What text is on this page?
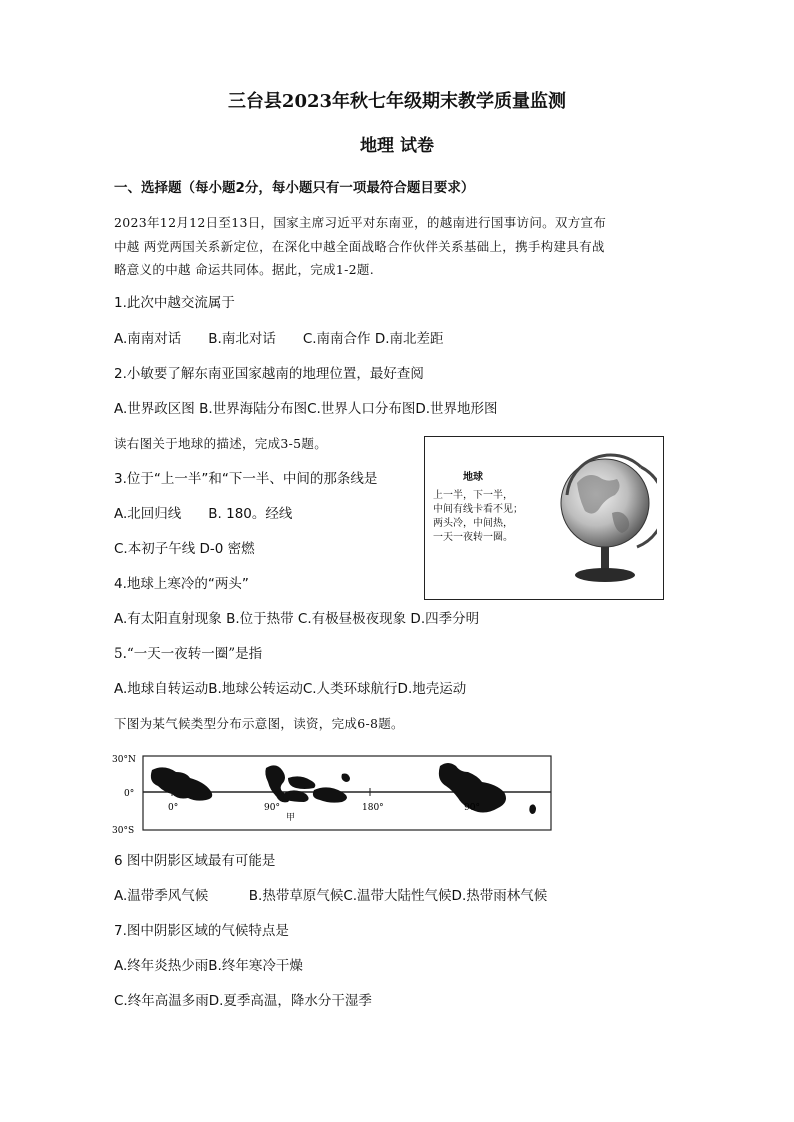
三台县2023年秋七年级期末教学质量监测
地理 试卷
一、选择题（每小题2分，每小题只有一项最符合题目要求）
2023年12月12日至13日，国家主席习近平对东南亚，的越南进行国事访问。双方宣布
中越 两党两国关系新定位，在深化中越全面战略合作伙伴关系基础上，携手构建具有战
略意义的中越 命运共同体。据此，完成1-2题.
1.此次中越交流属于
A.南南对话　　B.南北对话　　C.南南合作 D.南北差距
2.小敏要了解东南亚国家越南的地理位置，最好查阅
A.世界政区图 B.世界海陆分布图C.世界人口分布图D.世界地形图
读右图关于地球的描述，完成3-5题。
3.位于“上一半”和“下一半、中间的那条线是
A.北回归线　　B. 180。经线
C.本初子午线 D-0 密燃
4.地球上寒冷的“两头”
A.有太阳直射现象 B.位于热带 C.有极昼极夜现象 D.四季分明
5.“一天一夜转一圈”是指
A.地球自转运动B.地球公转运动C.人类环球航行D.地壳运动
地球
上一半，下一半，
中间有线卡看不见；
两头冷，中间热，
一天一夜转一圈。
下图为某气候类型分布示意图，读资，完成6-8题。
30°N
0°
30°S
0°	90°	180°	90°
甲
6 图中阴影区域最有可能是
A.温带季风气候　　　B.热带草原气候C.温带大陆性气候D.热带雨林气候
7.图中阴影区域的气候特点是
A.终年炎热少雨B.终年寒冷干燥
C.终年高温多雨D.夏季高温，降水分干湿季
